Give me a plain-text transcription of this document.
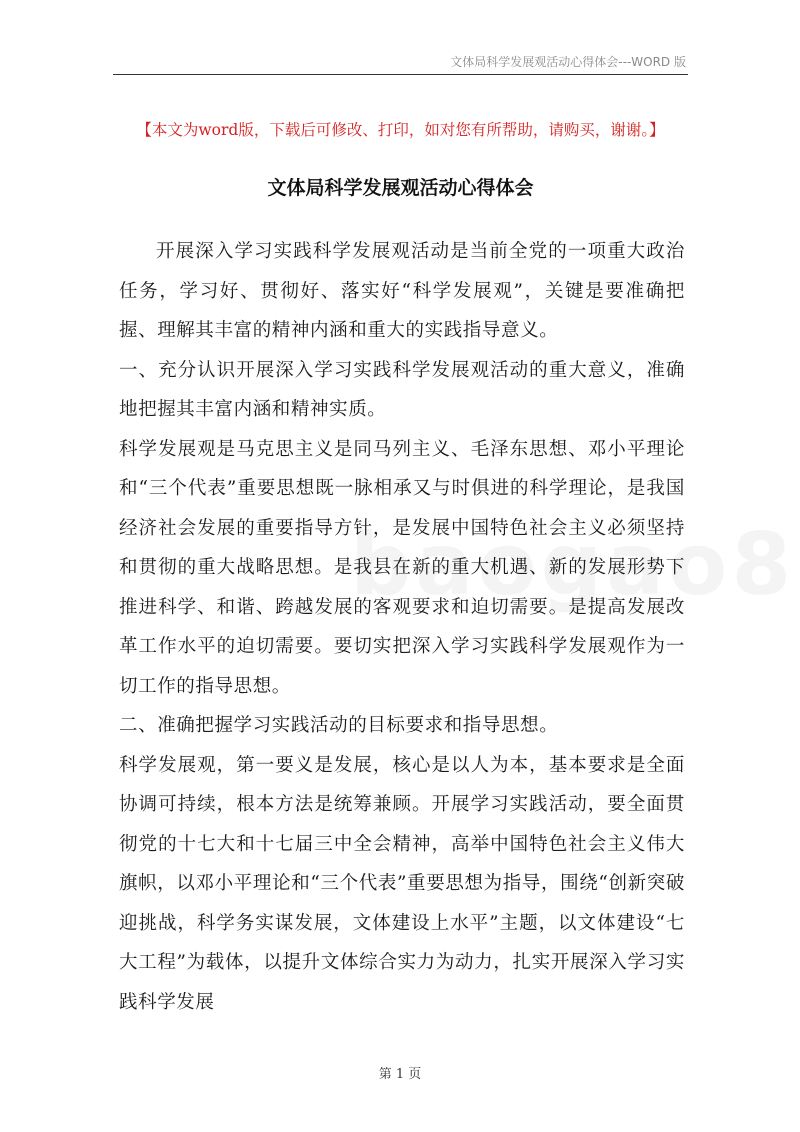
文体局科学发展观活动心得体会---WORD 版
【本文为word版，下载后可修改、打印，如对您有所帮助，请购买，谢谢。】
文体局科学发展观活动心得体会

开展深入学习实践科学发展观活动是当前全党的一项重大政治任务，学习好、贯彻好、落实好“科学发展观”，关键是要准确把握、理解其丰富的精神内涵和重大的实践指导意义。

一、充分认识开展深入学习实践科学发展观活动的重大意义，准确地把握其丰富内涵和精神实质。

科学发展观是马克思主义是同马列主义、毛泽东思想、邓小平理论和“三个代表”重要思想既一脉相承又与时俱进的科学理论，是我国经济社会发展的重要指导方针，是发展中国特色社会主义必须坚持和贯彻的重大战略思想。是我县在新的重大机遇、新的发展形势下推进科学、和谐、跨越发展的客观要求和迫切需要。是提高发展改革工作水平的迫切需要。要切实把深入学习实践科学发展观作为一切工作的指导思想。

二、准确把握学习实践活动的目标要求和指导思想。

科学发展观，第一要义是发展，核心是以人为本，基本要求是全面协调可持续，根本方法是统筹兼顾。开展学习实践活动，要全面贯彻党的十七大和十七届三中全会精神，高举中国特色社会主义伟大旗帜，以邓小平理论和“三个代表”重要思想为指导，围绕“创新突破迎挑战，科学务实谋发展，文体建设上水平”主题，以文体建设“七大工程”为载体，以提升文体综合实力为动力，扎实开展深入学习实践科学发展

第 1 页
